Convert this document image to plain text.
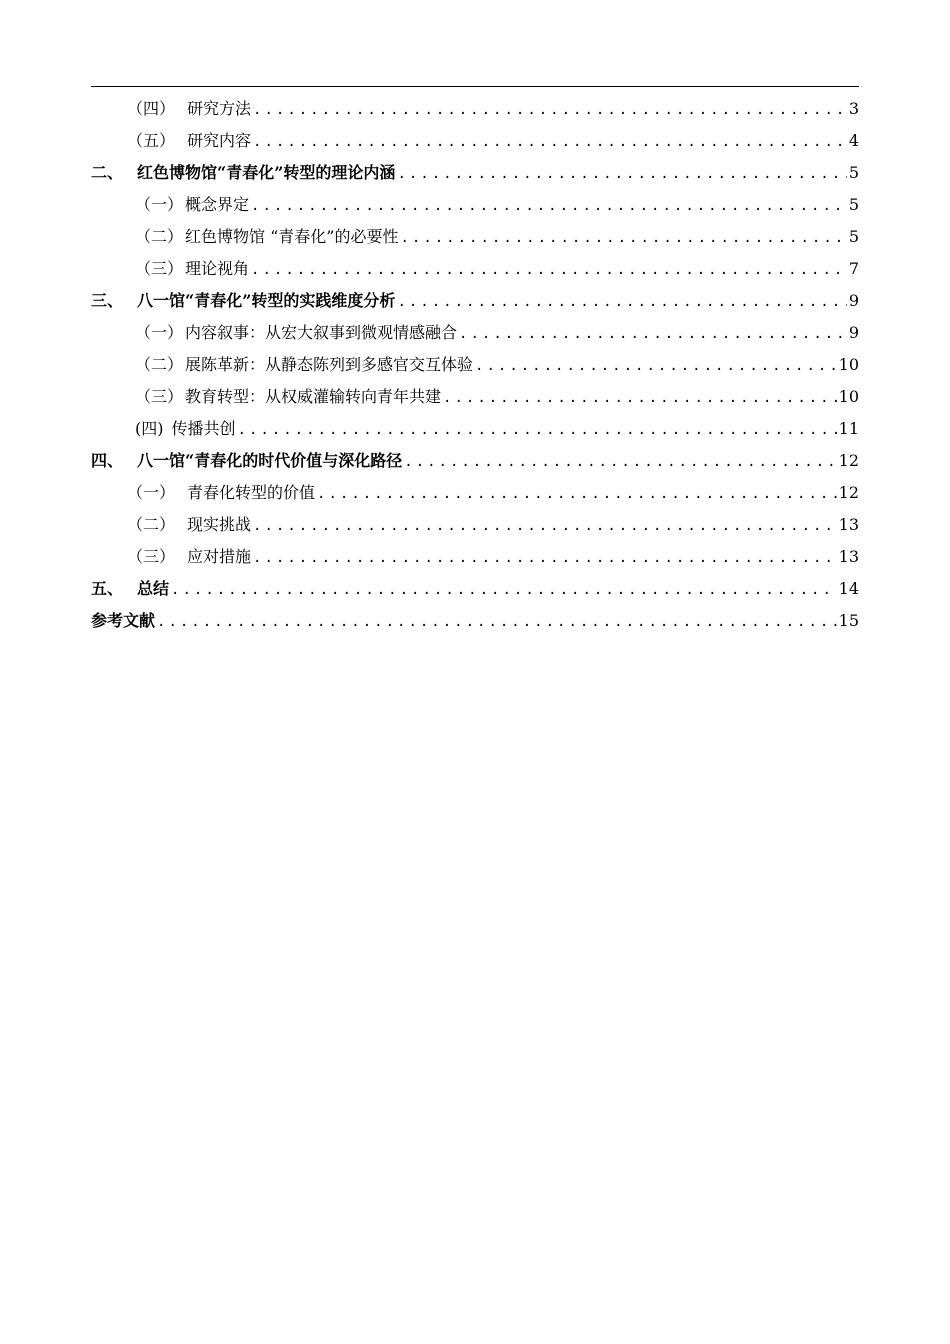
（四） 研究方法 .....	3
（五） 研究内容 .....	4
二、 红色博物馆“青春化”转型的理论内涵 .....	5
（一） 概念界定 .....	5
（二） 红色博物馆 “青春化”的必要性 .....	5
（三） 理论视角 .....	7
三、 八一馆“青春化”转型的实践维度分析 .....	9
（一） 内容叙事：从宏大叙事到微观情感融合 .....	9
（二） 展陈革新：从静态陈列到多感官交互体验 .....	10
（三） 教育转型：从权威灌输转向青年共建 .....	10
(四) 传播共创 .....	11
四、 八一馆“青春化的时代价值与深化路径 .....	12
（一） 青春化转型的价值 .....	12
（二） 现实挑战 .....	13
（三） 应对措施 .....	13
五、 总结 .....	14
参考文献 .....	15
